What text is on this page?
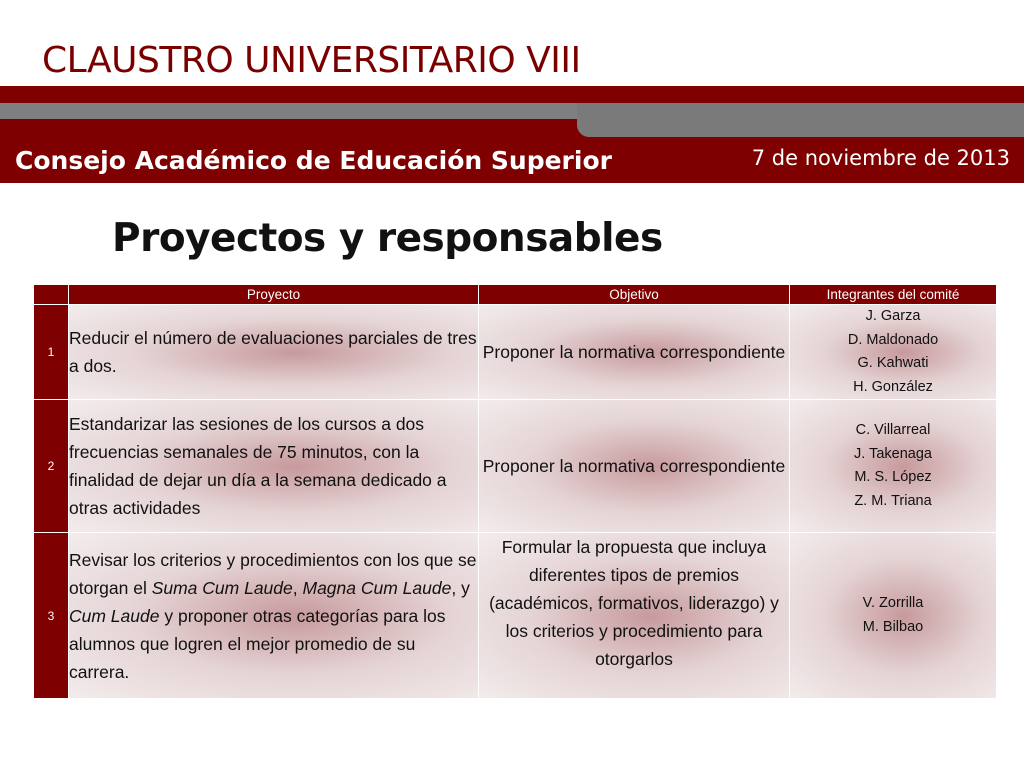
CLAUSTRO UNIVERSITARIO VIII
Consejo Académico de Educación Superior	7 de noviembre de 2013
Proyectos y responsables
	Proyecto	Objetivo	Integrantes del comité
1	Reducir el número de evaluaciones parciales de tres a dos.	Proponer la normativa correspondiente	J. Garza
D. Maldonado
G. Kahwati
H. González

2	Estandarizar las sesiones de los cursos a dos frecuencias semanales de 75 minutos, con la finalidad de dejar un día a la semana dedicado a otras actividades	Proponer la normativa correspondiente	C. Villarreal
J. Takenaga
M. S. López
Z. M. Triana

3	Revisar los criterios y procedimientos con los que se otorgan el Suma Cum Laude, Magna Cum Laude, y Cum Laude y proponer otras categorías para los alumnos que logren el mejor promedio de su carrera.	Formular la propuesta que incluya diferentes tipos de premios (académicos, formativos, liderazgo) y los criterios y procedimiento para otorgarlos	V. Zorrilla
M. Bilbao
